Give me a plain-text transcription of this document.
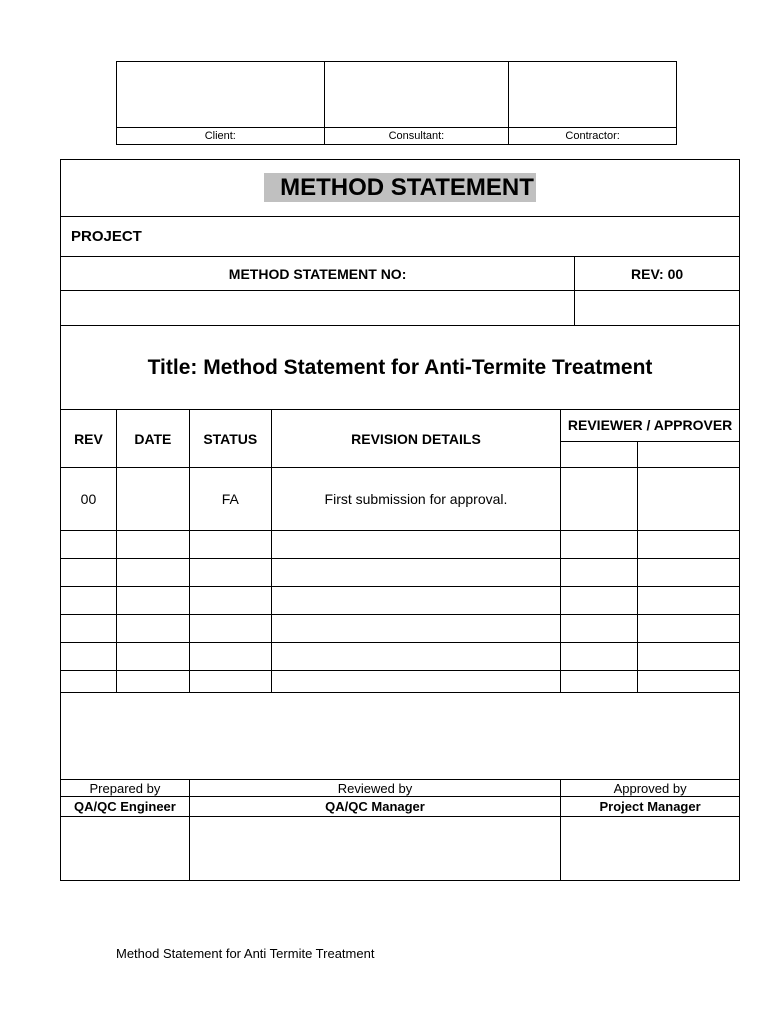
Client:	Consultant:	Contractor:
METHOD STATEMENT						
PROJECT						
METHOD STATEMENT NO:					REV: 00	

Title: Method Statement for Anti-Termite Treatment						
REV	DATE	STATUS	REVISION DETAILS	REVIEWER / APPROVER		

00		FA	First submission for approval.			

Prepared by		Reviewed by		Approved by		
QA/QC Engineer		QA/QC Manager		Project Manager		

Method Statement for Anti Termite Treatment
